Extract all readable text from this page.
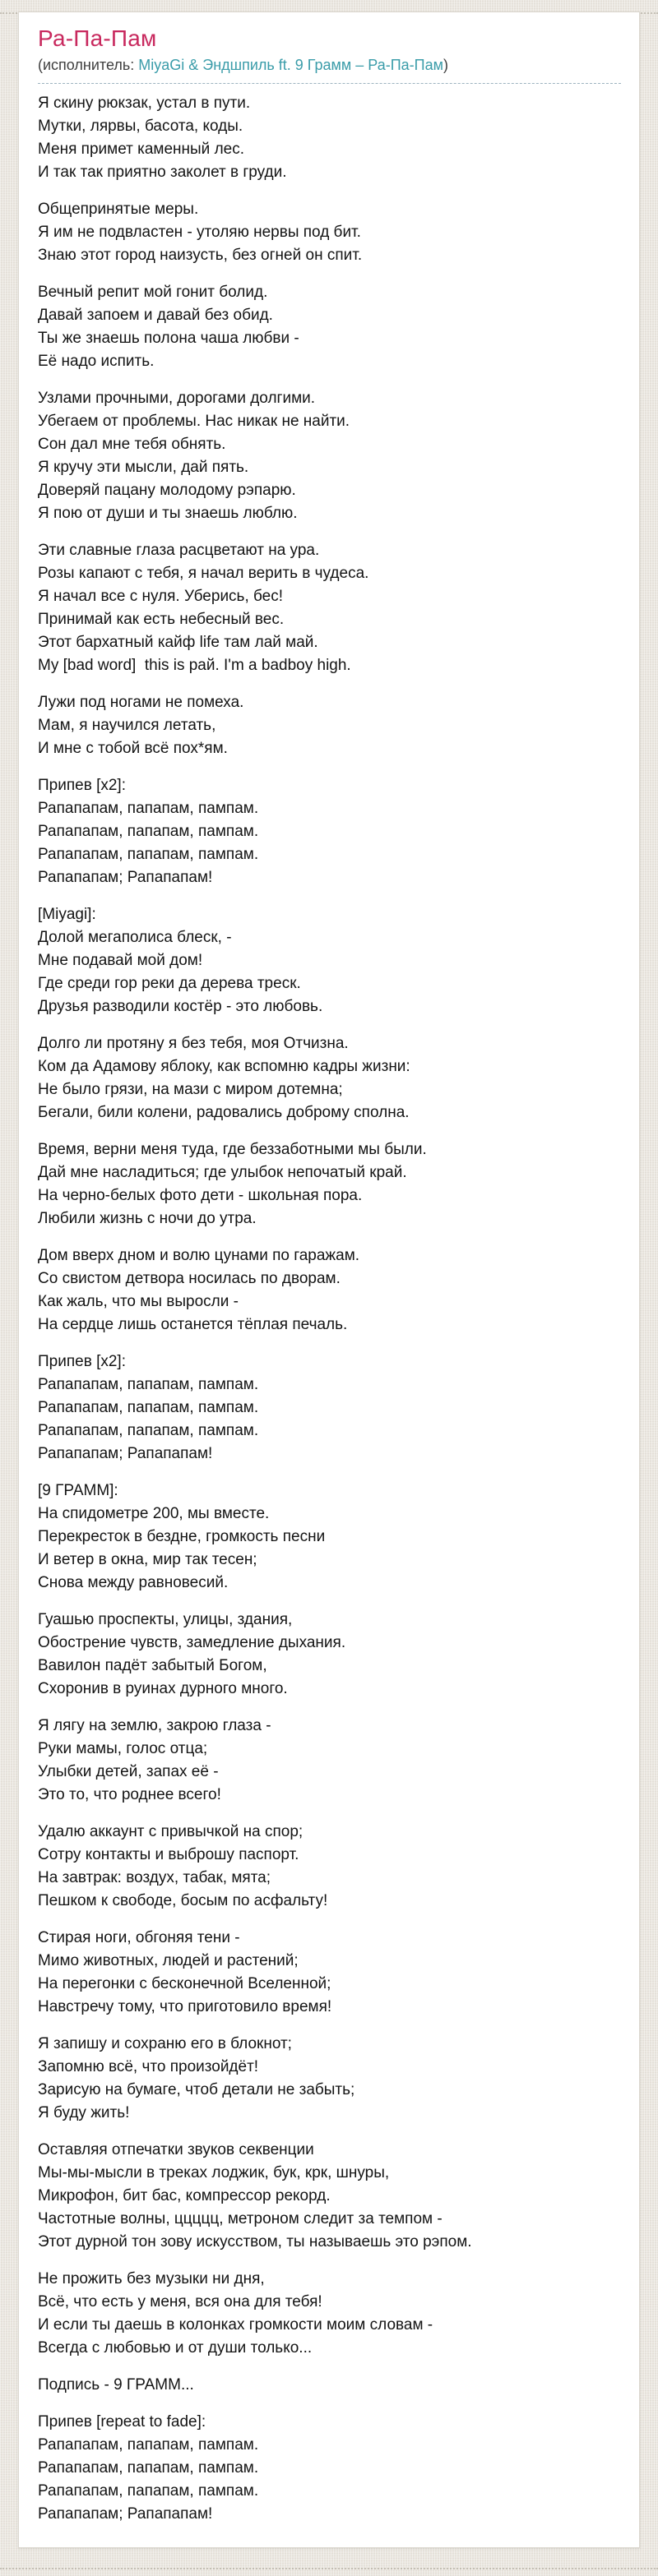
Ра-Па-Пам
(исполнитель: MiyaGi & Эндшпиль ft. 9 Грамм – Ра-Па-Пам)

Я скину рюкзак, устал в пути.
Мутки, лярвы, басота, коды.
Меня примет каменный лес.
И так так приятно заколет в груди.

Общепринятые меры.
Я им не подвластен - утоляю нервы под бит.
Знаю этот город наизусть, без огней он спит.

Вечный репит мой гонит болид.
Давай запоем и давай без обид.
Ты же знаешь полона чаша любви -
Её надо испить.

Узлами прочными, дорогами долгими.
Убегаем от проблемы. Нас никак не найти.
Сон дал мне тебя обнять.
Я кручу эти мысли, дай пять.
Доверяй пацану молодому рэпарю.
Я пою от души и ты знаешь люблю.

Эти славные глаза расцветают на ура.
Розы капают с тебя, я начал верить в чудеса.
Я начал все с нуля. Уберись, бес!
Принимай как есть небесный вес.
Этот бархатный кайф life там лай май.
My [bad word]  this is рай. I'm a badboy high.

Лужи под ногами не помеха.
Мам, я научился летать,
И мне с тобой всё пох*ям.

Припев [x2]:
Рапапапам, папапам, пампам.
Рапапапам, папапам, пампам.
Рапапапам, папапам, пампам.
Рапапапам; Рапапапам!

[Miyagi]:
Долой мегаполиса блеск, -
Мне подавай мой дом!
Где среди гор реки да дерева треск.
Друзья разводили костёр - это любовь.

Долго ли протяну я без тебя, моя Отчизна.
Ком да Адамову яблоку, как вспомню кадры жизни:
Не было грязи, на мази с миром дотемна;
Бегали, били колени, радовались доброму сполна.

Время, верни меня туда, где беззаботными мы были.
Дай мне насладиться; где улыбок непочатый край.
На черно-белых фото дети - школьная пора.
Любили жизнь с ночи до утра.

Дом вверх дном и волю цунами по гаражам.
Со свистом детвора носилась по дворам.
Как жаль, что мы выросли -
На сердце лишь останется тёплая печаль.

Припев [x2]:
Рапапапам, папапам, пампам.
Рапапапам, папапам, пампам.
Рапапапам, папапам, пампам.
Рапапапам; Рапапапам!

[9 ГРАММ]:
На спидометре 200, мы вместе.
Перекресток в бездне, громкость песни
И ветер в окна, мир так тесен;
Снова между равновесий.

Гуашью проспекты, улицы, здания,
Обострение чувств, замедление дыхания.
Вавилон падёт забытый Богом,
Схоронив в руинах дурного много.

Я лягу на землю, закрою глаза -
Руки мамы, голос отца;
Улыбки детей, запах её -
Это то, что роднее всего!

Удалю аккаунт с привычкой на спор;
Сотру контакты и выброшу паспорт.
На завтрак: воздух, табак, мята;
Пешком к свободе, босым по асфальту!

Стирая ноги, обгоняя тени -
Мимо животных, людей и растений;
На перегонки с бесконечной Вселенной;
Навстречу тому, что приготовило время!

Я запишу и сохраню его в блокнот;
Запомню всё, что произойдёт!
Зарисую на бумаге, чтоб детали не забыть;
Я буду жить!

Оставляя отпечатки звуков секвенции
Мы-мы-мысли в треках лоджик, бук, крк, шнуры,
Микрофон, бит бас, компрессор рекорд.
Частотные волны, ццццц, метроном следит за темпом -
Этот дурной тон зову искусством, ты называешь это рэпом.

Не прожить без музыки ни дня,
Всё, что есть у меня, вся она для тебя!
И если ты даешь в колонках громкости моим словам -
Всегда с любовью и от души только...

Подпись - 9 ГРАММ...

Припев [repeat to fade]:
Рапапапам, папапам, пампам.
Рапапапам, папапам, пампам.
Рапапапам, папапам, пампам.
Рапапапам; Рапапапам!
